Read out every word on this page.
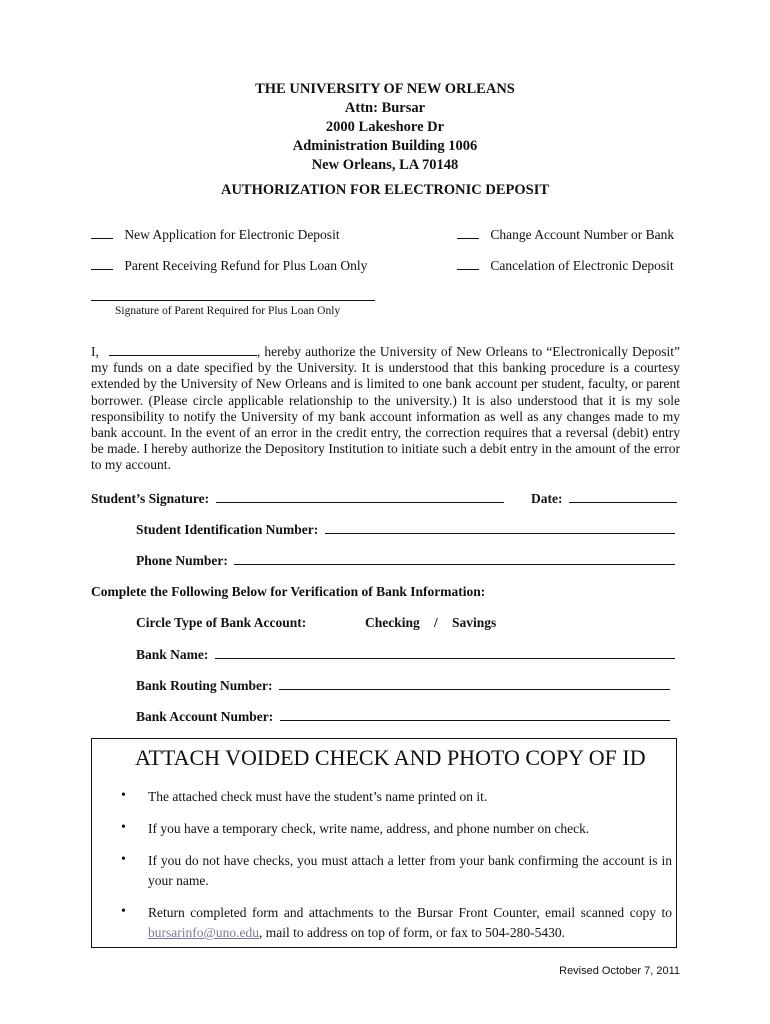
THE UNIVERSITY OF NEW ORLEANS
Attn: Bursar
2000 Lakeshore Dr
Administration Building 1006
New Orleans, LA 70148
AUTHORIZATION FOR ELECTRONIC DEPOSIT
New Application for Electronic Deposit	Change Account Number or Bank
Parent Receiving Refund for Plus Loan Only	Cancelation of Electronic Deposit
Signature of Parent Required for Plus Loan Only
I,	, hereby authorize the University of New Orleans to “Electronically Deposit” my funds on a date specified by the University. It is understood that this banking procedure is a courtesy extended by the University of New Orleans and is limited to one bank account per student, faculty, or parent borrower. (Please circle applicable relationship to the university.) It is also understood that it is my sole responsibility to notify the University of my bank account information as well as any changes made to my bank account. In the event of an error in the credit entry, the correction requires that a reversal (debit) entry be made. I hereby authorize the Depository Institution to initiate such a debit entry in the amount of the error to my account.
Student’s Signature:	Date:
Student Identification Number:
Phone Number:
Complete the Following Below for Verification of Bank Information:
Circle Type of Bank Account:	Checking / Savings
Bank Name:
Bank Routing Number:
Bank Account Number:
ATTACH VOIDED CHECK AND PHOTO COPY OF ID
• The attached check must have the student’s name printed on it.
• If you have a temporary check, write name, address, and phone number on check.
• If you do not have checks, you must attach a letter from your bank confirming the account is in your name.
• Return completed form and attachments to the Bursar Front Counter, email scanned copy to bursarinfo@uno.edu, mail to address on top of form, or fax to 504-280-5430.
Revised October 7, 2011
